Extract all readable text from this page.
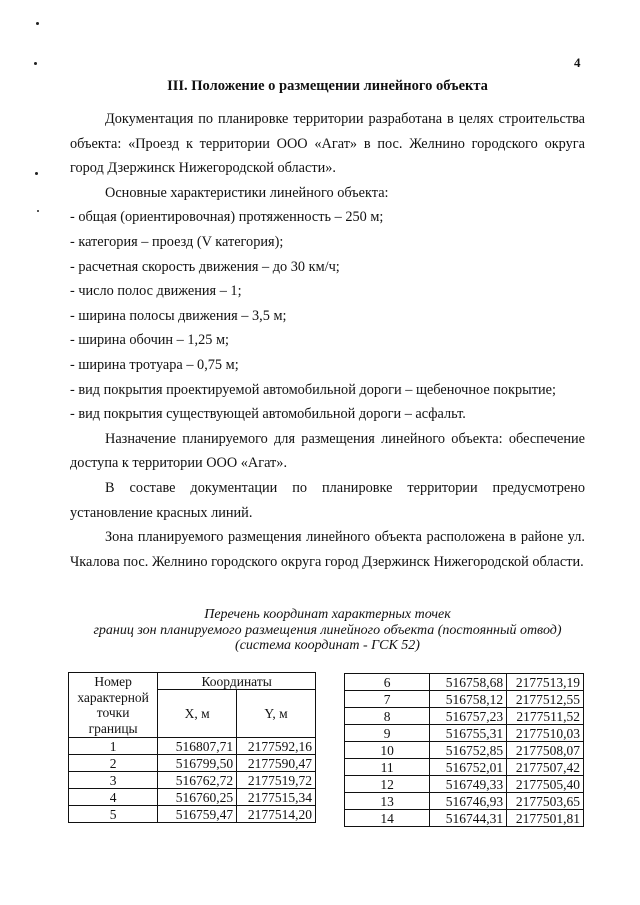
4
III. Положение о размещении линейного объекта

Документация по планировке территории разработана в целях строительства объекта: «Проезд к территории ООО «Агат» в пос. Желнино городского округа город Дзержинск Нижегородской области».

Основные характеристики линейного объекта:

- общая (ориентировочная) протяженность – 250 м;
- категория – проезд (V категория);
- расчетная скорость движения – до 30 км/ч;
- число полос движения – 1;
- ширина полосы движения – 3,5 м;
- ширина обочин – 1,25 м;
- ширина тротуара – 0,75 м;
- вид покрытия проектируемой автомобильной дороги – щебеночное покрытие;
- вид покрытия существующей автомобильной дороги – асфальт.

Назначение планируемого для размещения линейного объекта: обеспечение доступа к территории ООО «Агат».

В составе документации по планировке территории предусмотрено установление красных линий.

Зона планируемого размещения линейного объекта расположена в районе ул. Чкалова пос. Желнино городского округа город Дзержинск Нижегородской области.

Перечень координат характерных точек
границ зон планируемого размещения линейного объекта (постоянный отвод)
(система координат - ГСК 52)
Номер характерной точки границы	Координаты	
	X, м	Y, м
1	516807,71	2177592,16
2	516799,50	2177590,47
3	516762,72	2177519,72
4	516760,25	2177515,34
5	516759,47	2177514,20
6	516758,68	2177513,19
7	516758,12	2177512,55
8	516757,23	2177511,52
9	516755,31	2177510,03
10	516752,85	2177508,07
11	516752,01	2177507,42
12	516749,33	2177505,40
13	516746,93	2177503,65
14	516744,31	2177501,81
